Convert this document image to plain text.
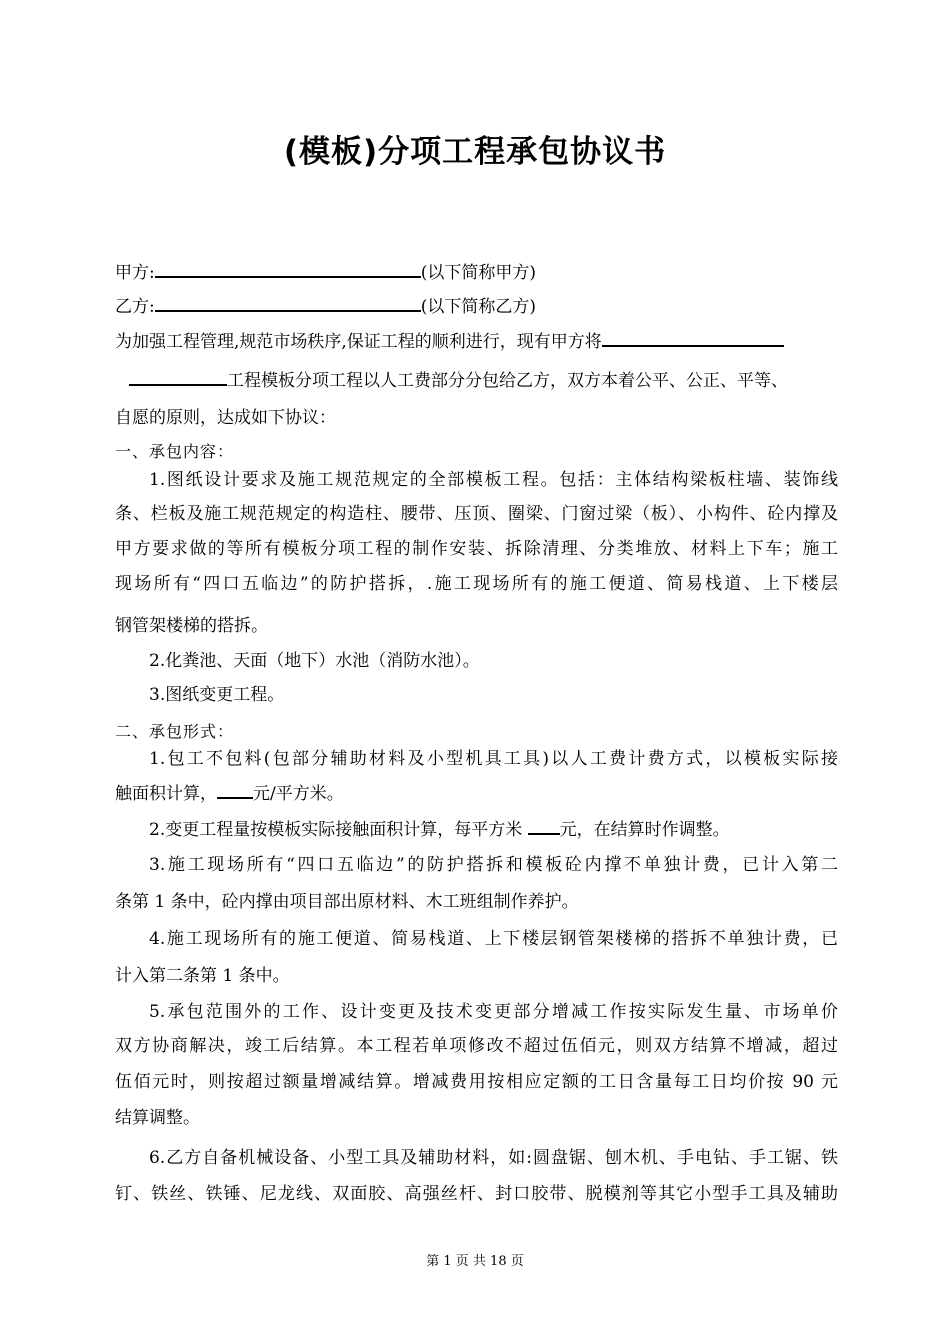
(模板)分项工程承包协议书
甲方:	(以下简称甲方)
乙方:	(以下简称乙方)
为加强工程管理,规范市场秩序,保证工程的顺利进行，现有甲方将
工程模板分项工程以人工费部分分包给乙方，双方本着公平、公正、平等、
自愿的原则，达成如下协议：
一、承包内容：
1.图纸设计要求及施工规范规定的全部模板工程。包括：主体结构梁板柱墙、装饰线
条、栏板及施工规范规定的构造柱、腰带、压顶、圈梁、门窗过梁（板）、小构件、砼内撑及
甲方要求做的等所有模板分项工程的制作安装、拆除清理、分类堆放、材料上下车；施工
现场所有“四口五临边”的防护搭拆，.施工现场所有的施工便道、简易栈道、上下楼层
钢管架楼梯的搭拆。
2.化粪池、天面（地下）水池（消防水池）。
3.图纸变更工程。
二、承包形式：
1.包工不包料(包部分辅助材料及小型机具工具)以人工费计费方式，以模板实际接
触面积计算， 元/平方米。
2.变更工程量按模板实际接触面积计算，每平方米 元，在结算时作调整。
3.施工现场所有“四口五临边”的防护搭拆和模板砼内撑不单独计费，已计入第二
条第 1 条中，砼内撑由项目部出原材料、木工班组制作养护。
4.施工现场所有的施工便道、简易栈道、上下楼层钢管架楼梯的搭拆不单独计费，已
计入第二条第 1 条中。
5.承包范围外的工作、设计变更及技术变更部分增减工作按实际发生量、市场单价
双方协商解决，竣工后结算。本工程若单项修改不超过伍佰元，则双方结算不增减，超过
伍佰元时，则按超过额量增减结算。增减费用按相应定额的工日含量每工日均价按 90 元
结算调整。
6.乙方自备机械设备、小型工具及辅助材料，如:圆盘锯、刨木机、手电钻、手工锯、铁
钉、铁丝、铁锤、尼龙线、双面胶、高强丝杆、封口胶带、脱模剂等其它小型手工具及辅助
第 1 页 共 18 页
